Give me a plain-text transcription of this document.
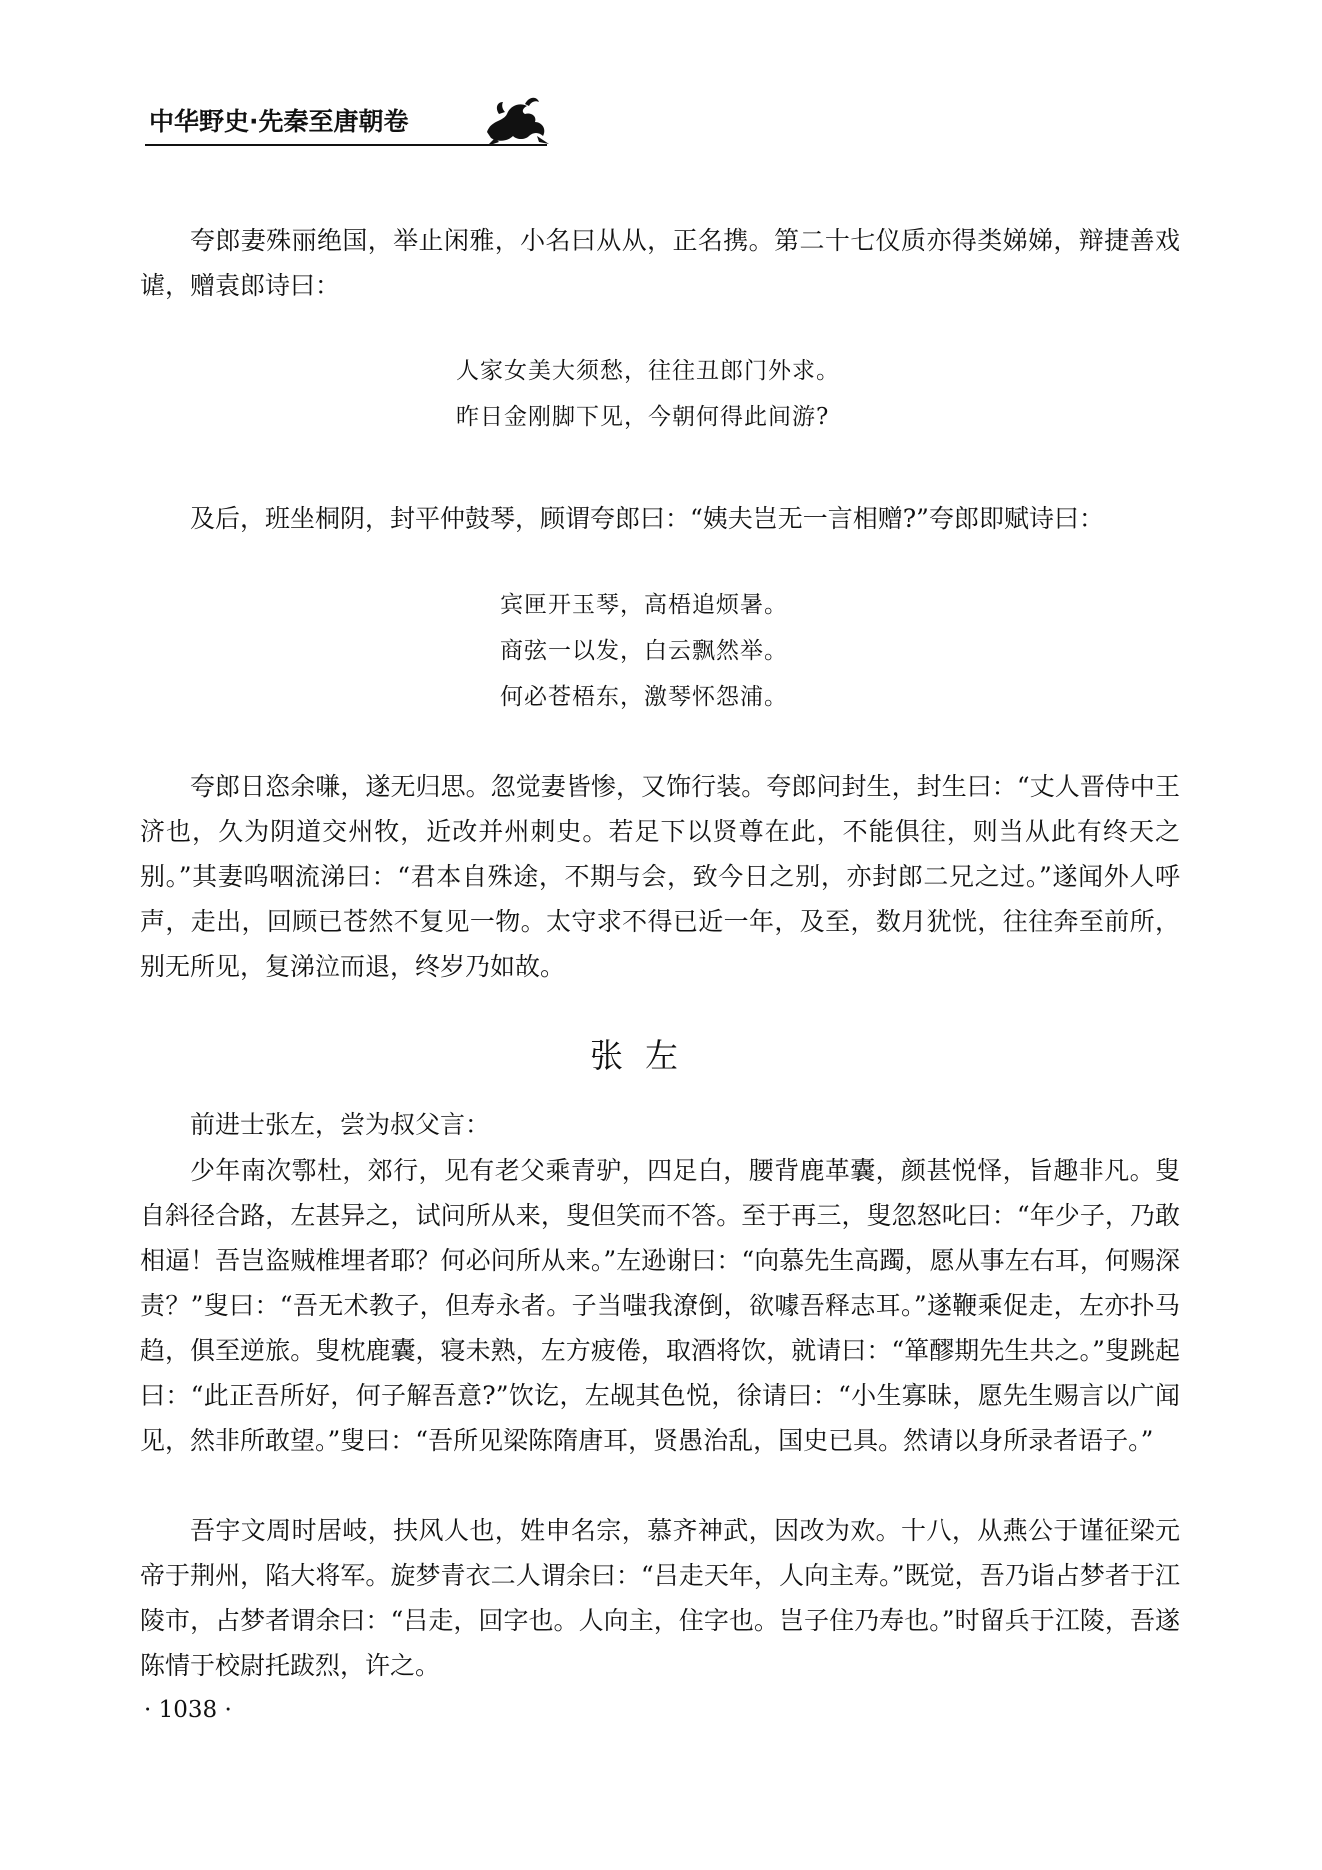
中华野史·先秦至唐朝卷

夸郎妻殊丽绝国，举止闲雅，小名曰从从，正名携。第二十七仪质亦得类娣娣，辩捷善戏谑，赠袁郎诗曰：

人家女美大须愁，往往丑郎门外求。
昨日金刚脚下见，今朝何得此间游?

及后，班坐桐阴，封平仲鼓琴，顾谓夸郎曰：“姨夫岂无一言相赠?”夸郎即赋诗曰：

宾匣开玉琴，高梧追烦暑。
商弦一以发，白云飘然举。
何必苍梧东，激琴怀怨浦。

夸郎日恣余嗛，遂无归思。忽觉妻皆惨，又饰行装。夸郎问封生，封生曰：“丈人晋侍中王济也，久为阴道交州牧，近改并州刺史。若足下以贤尊在此，不能俱往，则当从此有终天之别。”其妻呜咽流涕曰：“君本自殊途，不期与会，致今日之别，亦封郎二兄之过。”遂闻外人呼声，走出，回顾已苍然不复见一物。太守求不得已近一年，及至，数月犹恍，往往奔至前所，别无所见，复涕泣而退，终岁乃如故。

张左

前进士张左，尝为叔父言：

少年南次鄠杜，郊行，见有老父乘青驴，四足白，腰背鹿革囊，颜甚悦怿，旨趣非凡。叟自斜径合路，左甚异之，试问所从来，叟但笑而不答。至于再三，叟忽怒叱曰：“年少子，乃敢相逼！吾岂盗贼椎埋者耶？何必问所从来。”左逊谢曰：“向慕先生高躅，愿从事左右耳，何赐深责？”叟曰：“吾无术教子，但寿永者。子当嗤我潦倒，欲噱吾释志耳。”遂鞭乘促走，左亦扑马趋，俱至逆旅。叟枕鹿囊，寝未熟，左方疲倦，取酒将饮，就请曰：“箪醪期先生共之。”叟跳起曰：“此正吾所好，何子解吾意?”饮讫，左觇其色悦，徐请曰：“小生寡昧，愿先生赐言以广闻见，然非所敢望。”叟曰：“吾所见梁陈隋唐耳，贤愚治乱，国史已具。然请以身所录者语子。”

吾宇文周时居岐，扶风人也，姓申名宗，慕齐神武，因改为欢。十八，从燕公于谨征梁元帝于荆州，陷大将军。旋梦青衣二人谓余曰：“吕走天年，人向主寿。”既觉，吾乃诣占梦者于江陵市，占梦者谓余曰：“吕走，回字也。人向主，住字也。岂子住乃寿也。”时留兵于江陵，吾遂陈情于校尉托跋烈，许之。

· 1038 ·
